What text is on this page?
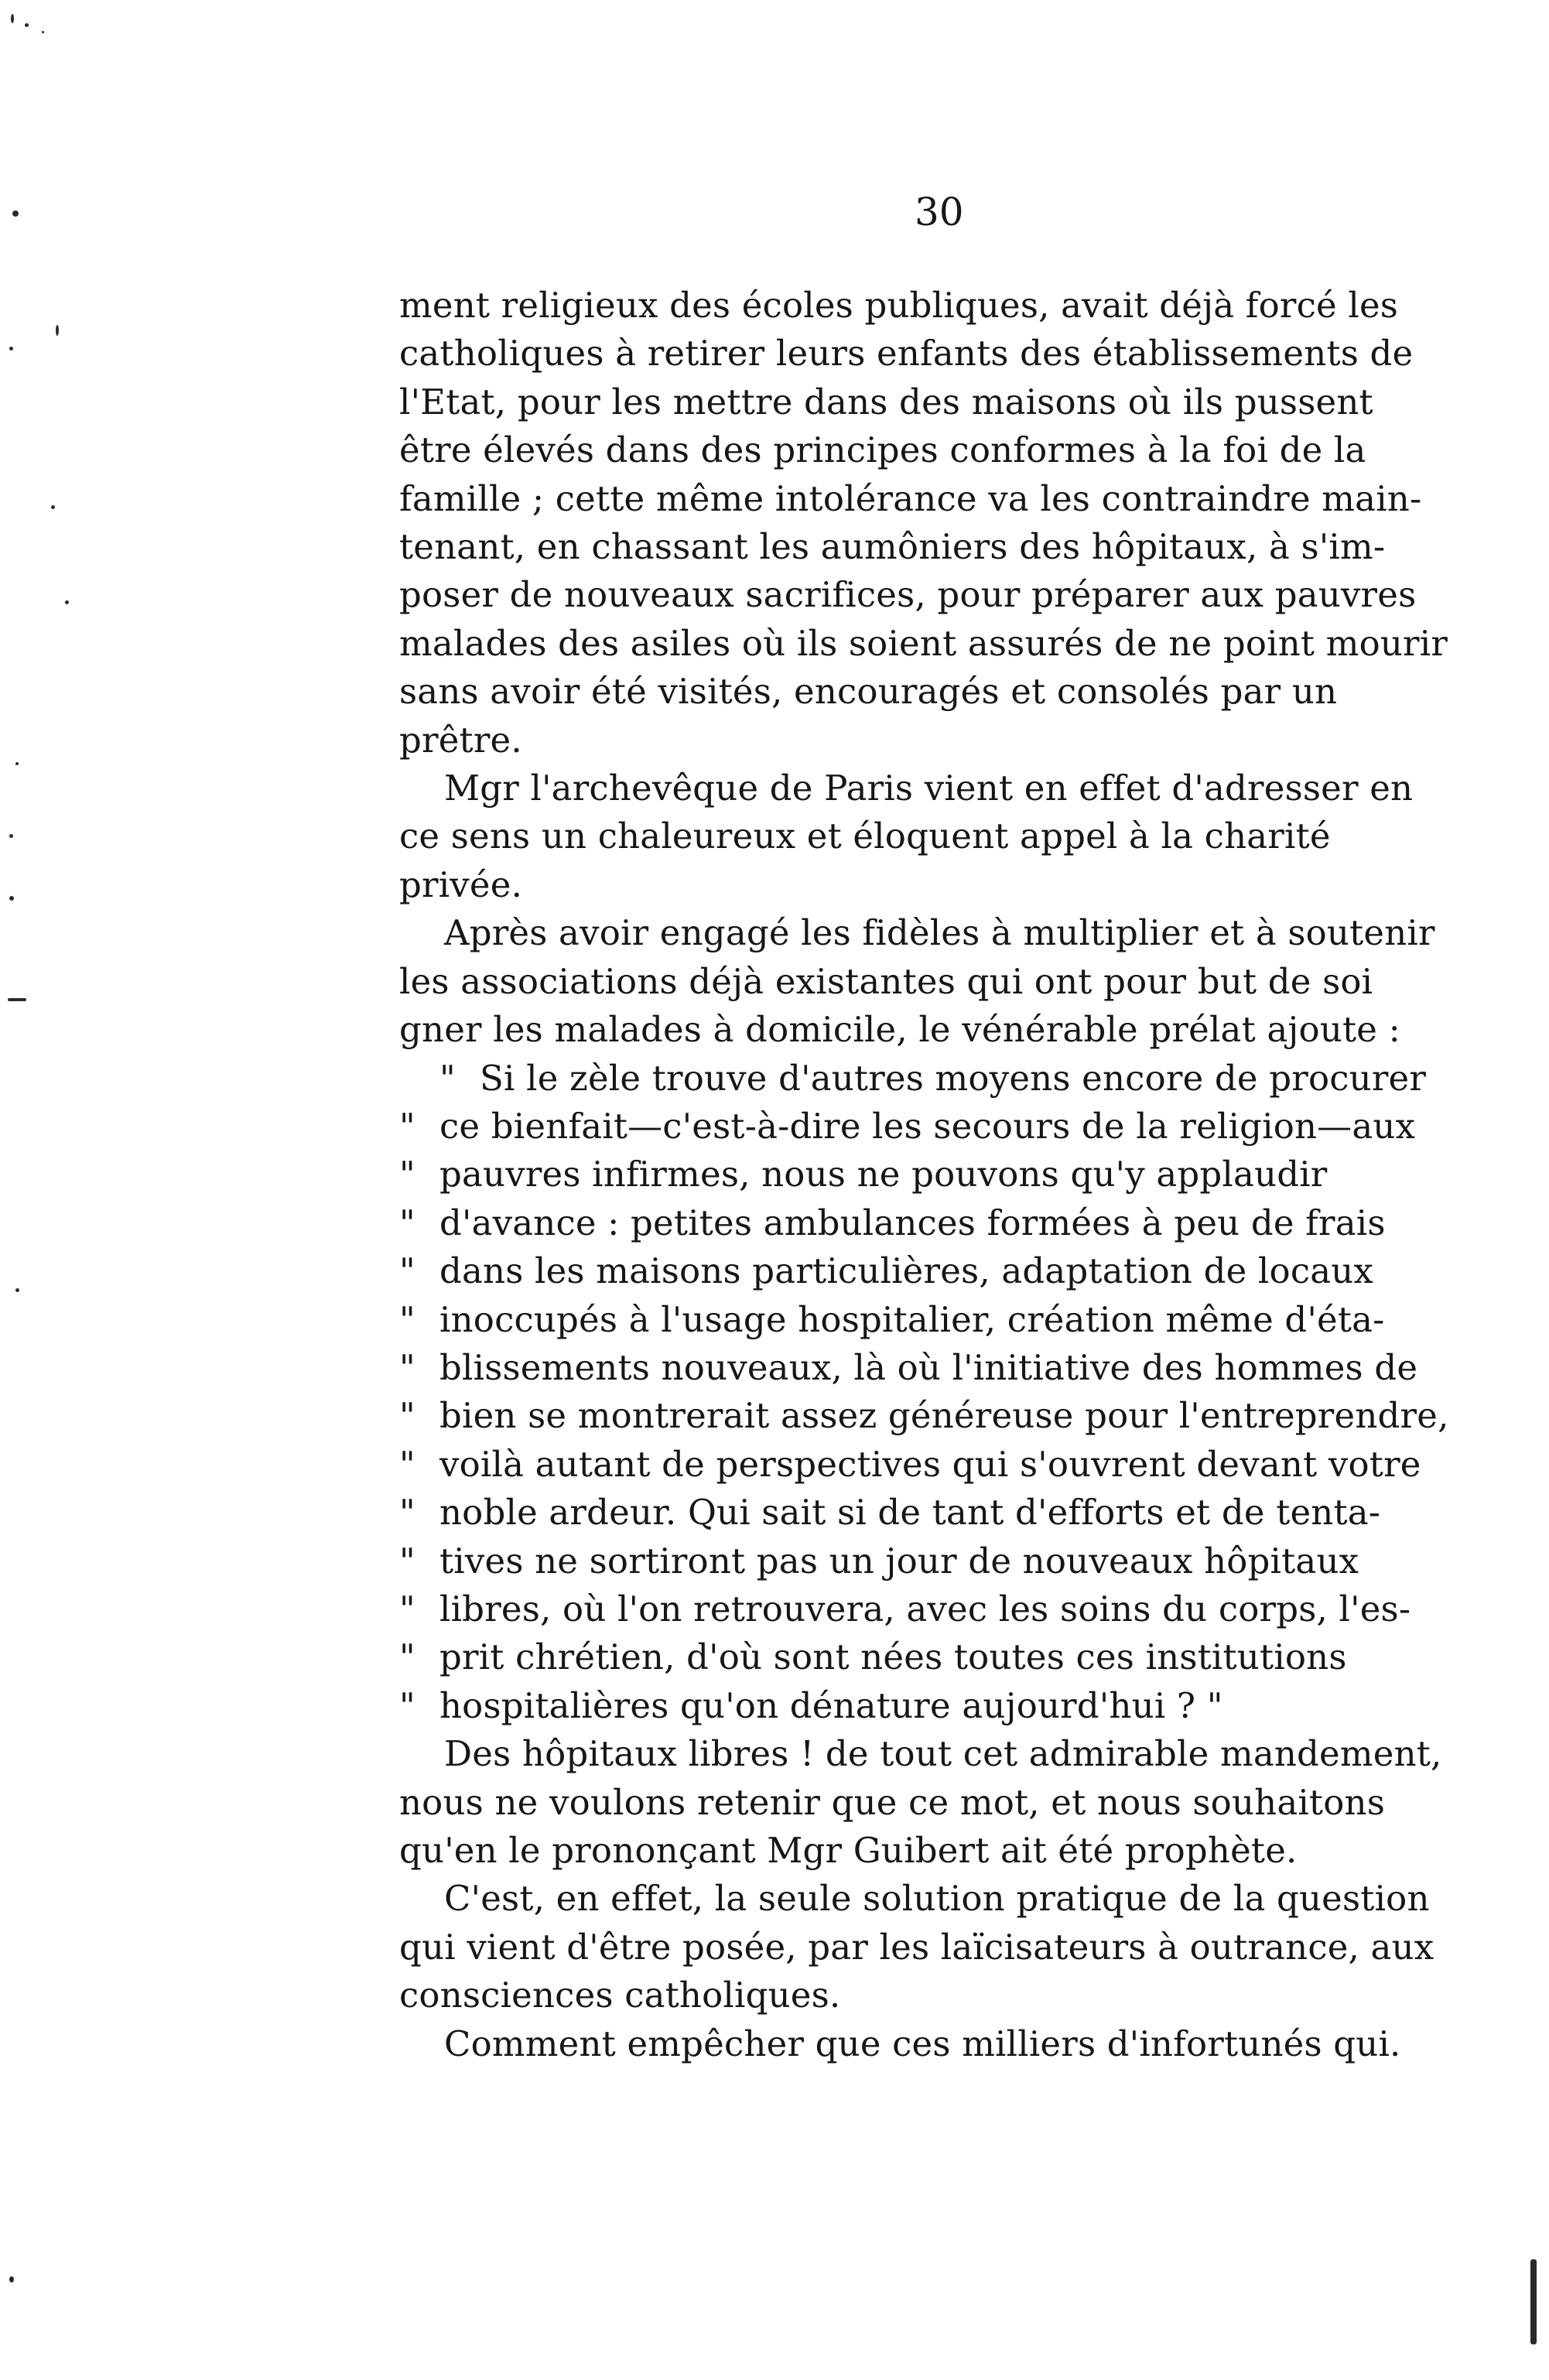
30

ment religieux des écoles publiques, avait déjà forcé les
catholiques à retirer leurs enfants des établissements de
l'Etat, pour les mettre dans des maisons où ils pussent
être élevés dans des principes conformes à la foi de la
famille ; cette même intolérance va les contraindre main-
tenant, en chassant les aumôniers des hôpitaux, à s'im-
poser de nouveaux sacrifices, pour préparer aux pauvres
malades des asiles où ils soient assurés de ne point mourir
sans avoir été visités, encouragés et consolés par un
prêtre.

Mgr l'archevêque de Paris vient en effet d'adresser en
ce sens un chaleureux et éloquent appel à la charité
privée.

Après avoir engagé les fidèles à multiplier et à soutenir
les associations déjà existantes qui ont pour but de soi
gner les malades à domicile, le vénérable prélat ajoute :

" Si le zèle trouve d'autres moyens encore de procurer
" ce bienfait—c'est-à-dire les secours de la religion—aux
" pauvres infirmes, nous ne pouvons qu'y applaudir
" d'avance : petites ambulances formées à peu de frais
" dans les maisons particulières, adaptation de locaux
" inoccupés à l'usage hospitalier, création même d'éta-
" blissements nouveaux, là où l'initiative des hommes de
" bien se montrerait assez généreuse pour l'entreprendre,
" voilà autant de perspectives qui s'ouvrent devant votre
" noble ardeur. Qui sait si de tant d'efforts et de tenta-
" tives ne sortiront pas un jour de nouveaux hôpitaux
" libres, où l'on retrouvera, avec les soins du corps, l'es-
" prit chrétien, d'où sont nées toutes ces institutions
" hospitalières qu'on dénature aujourd'hui ? "

Des hôpitaux libres ! de tout cet admirable mandement,
nous ne voulons retenir que ce mot, et nous souhaitons
qu'en le prononçant Mgr Guibert ait été prophète.

C'est, en effet, la seule solution pratique de la question
qui vient d'être posée, par les laïcisateurs à outrance, aux
consciences catholiques.

Comment empêcher que ces milliers d'infortunés qui.
